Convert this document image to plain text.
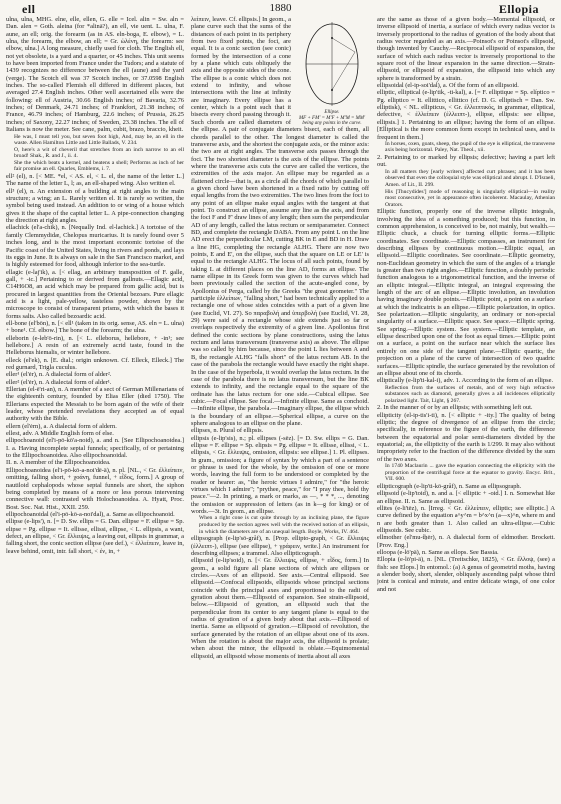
ell	1880	Ellopia

ulna, ulna, MHG. elne, elle, ellen, G. elle = Icel. alin = Sw. aln = Dan. alen = Goth. aleina (for *alinā?), an ell, vie uent. L. ulna, F. aune, an ell; orig. the forearm (as in AS. eln-boga, E. elbow), = L. ulna, the forearm, the elbow, an ell; = Gr. ὠλένη, the forearm: see elbow, ulna.] A long measure, chiefly used for cloth. The English ell, not yet obsolete, is a yard and a quarter, or 45 inches. This unit seems to have been imported from France under the Tudors; and a statute of 1439 recognizes no difference between the ell (aune) and the yard (verge). The Scotch ell was 37 Scotch inches, or 37.0598 English inches. The so-called Flemish ell differed in different places, but averaged 27.4 English inches. Other well ascertained ells were the following: ell of Austria, 30.66 English inches; of Bavaria, 32.76 inches; of Denmark, 24.71 inches; of Frankfort, 21.38 inches; of France, 46.79 inches; of Hamburg, 22.6 inches; of Prussia, 26.25 inches; of Saxony, 22.27 inches; of Sweden, 23.38 inches. The ell of Italians is now the meter. See cane, palm, cubit, brazo, braccio, kheit.

He was, I must tell you, but seven foot high, And, may be, an ell in the waste. Allen Hamilton Little and Little Ballads, V. 234.

O, here's a wit of cheveril that stretches from an inch narrow to an ell broad! Shak., R. and J., ii. 4.

She the which beats a kernel, and beatens a shell; Performs as inch of her fair promise an ell. Quarles, Emblems, i. 7.

ell² (el), n. [< ME. *el, < AS. el, < L. el, the name of the letter L.] The name of the letter L, l; as, an ell-shaped wing. Also written el.

ell³ (el), n. An extension of a building at right angles to the main structure; a wing; an L. Rarely written el. It is rarely so written, the symbol being used instead. An addition to or wing of a house which gives it the shape of the capital letter L. A pipe-connection changing the direction at right angles.

ellachick (el'a-chik), n. [Nequally Ind. el-lachick.] A tortoise of the family Clemmydidæ, Chelopus muricarius. It is rarely found over 5 inches long, and is the most important economic tortoise of the Pacific coast of the United States, living in rivers and ponds, and lays its eggs in June. It is always on sale in the San Francisco market, and is highly esteemed for food, although inferior to the sea-turtle.

ellagic (e-laj'ik), a. [< ellag, an arbitrary transposition of F. galle, gall, + -ic.] Pertaining to or derived from gallnuts.—Ellagic acid, C14H6O8, an acid which may be prepared from gallic acid, but is procured in largest quantities from the Oriental bezoars. Pure ellagic acid is a light, pale-yellow, tasteless powder, shown by the microscope to consist of transparent prisms, with which the bases it forms salts. Also called bezoardic acid.

ell-bone (el'bōn), n. [< ell¹ (taken in its orig. sense, AS. eln = L. ulna) + bone¹. Cf. elbow.] The bone of the forearm; the ulna.

elleborin (e-leb'ō-rin), n. [< L. elleborus, hellebore, + -in¹; see hellebore.] A resin of an extremely acrid taste, found in the Helleborus hiemalis, or winter hellebore.

elleck (el'ek), n. [E. dial.; origin unknown. Cf. Elleck, Elleck.] The red gurnard, Trigla cuculus.

eller¹ (el'ėr), n. A dialectal form of alder².

eller² (el'ėr), n. A dialectal form of alder¹.

Ellerian (el-ē'ri-an), n. A member of a sect of German Millenarians of the eighteenth century, founded by Elias Eller (died 1750). The Ellerians expected the Messiah to be born again of the wife of their leader, whose pretended revelations they accepted as of equal authority with the Bible.

ellern (el'ėrn), a. A dialectal form of aldern.

ellest, adv. A Middle English form of else.

ellipochoanoid (el'i-pō-kō'a-noid), a. and n. [See Ellipochoanoidea.] I. a. Having incomplete septal funnels; specifically, of or pertaining to the Ellipochoanoidea. Also ellipochoanoidal.

II. n. A member of the Ellipochoanoidea.

Ellipochoanoidea (el'i-pō-kō-a-noi'dē-ä), n. pl. [NL., < Gr. ἐλλείπειν, omitting, falling short, + χοάνη, funnel, + εἶδος, form.] A group of nautiloid cephalopods whose septal funnels are short, the siphon being completed by means of a more or less porous intervening connective wall: contrasted with Holochoanoidea. A. Hyatt, Proc. Bost. Soc. Nat. Hist., XXII. 259.

ellipochoanoidal (el'i-pō-kō-a-noi'dal), a. Same as ellipochoanoid.

ellipse (e-lips'), n. [= D. Sw. ellips = G. Dan. ellipse = F. ellipse = Sp. elipse = Pg. ellipse = It. ellisse, ellissi, ellipse, < L. ellipsis, a want, defect, an ellipse, < Gr. ἔλλειψις, a leaving out, ellipsis in grammar, a falling short, the conic section ellipse (see def.), < ἐλλείπειν, leave in, leave behind, omit, intr. fall short, < ἐν, in, +

Ellipse.
MF + FM' = M'F + M'M = MM' being any points in the curve.

λείπειν, leave. Cf. ellipsis.] In geom., a plane curve such that the sums of the distances of each point in its periphery from two fixed points, the foci, are equal. It is a conic section (see conic) formed by the intersection of a cone by a plane which cuts obliquely the axis and the opposite sides of the cone. The ellipse is a conic which does not extend to infinity, and whose intersections with the line at infinity are imaginary. Every ellipse has a center, which is a point such that it bisects every chord passing through it. Such chords are called diameters of the ellipse. A pair of conjugate diameters bisect, each of them, all chords parallel to the other. The longest diameter is called the transverse axis, and the shortest the conjugate axis, or the minor axis: the two are at right angles. The transverse axis passes through the foci. The two shortest diameter is the axis of the ellipse. The points where the transverse axis cuts the curve are called the vertices, the extremities of the axis major. An ellipse may be regarded as a flattened circle—that is, as a circle all the chords of which parallel to a given chord have been shortened in a fixed ratio by cutting off equal lengths from the two extremities. The two lines from the foci to any point of an ellipse make equal angles with the tangent at that point. To construct an ellipse, assume any line as the axis, and from the foci F and F' draw lines of any length; then sum the perpendicular AD of any length, called the latus rectum or semiparameter. Connect BD, and complete the rectangle DABA. From any point L on the line AD erect the perpendicular LM, cutting BK in E and BD in H. Draw a line HG, completing the rectangle ALHG. There are now two points, E and E', on the ellipse, such that the square on LE or LE' is equal to the rectangle ALHG. The locus of all such points, found by taking L at different places on the line AD, forms an ellipse. The name ellipse in its Greek form was given to the curves which had been previously called the section of the acute-angled cone, by Apollonius of Perga, called by the Greeks "the great geometer." The participle ἐλλείπων, "falling short," had been technically applied to a rectangle one of whose sides coincides with a part of a given line (see Euclid, VI. 27). So παραβολή and ὑπερβολή (see Euclid, VI. 28, 29) were said of a rectangle whose side extends just so far or overlaps respectively the extremity of a given line. Apollonius first defined the conic sections by plane constructions, using the latus rectum and latus transversum (transverse axis) as above. The ellipse was so called by him because, since the point L lies between A and B, the rectangle ALHG "falls short" of the latus rectum AB. In the case of the parabola the rectangle would have exactly the right shape. In the case of the hyperbola, it would overlap the latus rectum. In the case of the parabola there is no latus transversum, but the line BK extends to infinity, and the rectangle equal to the square of the ordinate has the latus rectum for one side.—Cubical ellipse. See cubic.—Focal ellipse. See focal.—Infinite ellipse. Same as conchoid.—Infinite ellipse, the parabola.—Imaginary ellipse, the ellipse which is the boundary of an ellipse.—Spherical ellipse, a curve on the sphere analogous to an ellipse on the plane.

ellipses, n. Plural of ellipsis.

ellipsis (e-lip'sis), n.; pl. ellipses (-sēz). [= D. Sw. ellips = G. Dan. ellipse = F. ellipse = Sp. elipsis = Pg. ellipse = It. ellisse, ellissi, < L. ellipsis, < Gr. ἔλλειψις, omission, ellipsis: see ellipse.] 1. Pl. ellipses. In gram., omission; a figure of syntax by which a part of a sentence or phrase is used for the whole, by the omission of one or more words, leaving the full form to be understood or completed by the reader or hearer: as, "the heroic virtues I admire," for "the heroic virtues which I admire"; "prythee, peace," for "I pray thee, hold thy peace."—2. In printing, a mark or marks, as —, * * *, ..., denoting the omission or suppression of letters (as in k—g for king) or of words.—3t. In geom., an ellipse.

When a right cone is cut quite through by an inclining plane, the figure produced by the section agrees well with the received notion of an ellipsis, in which the diameters are of an unequal length. Boyle, Works, IV. 464.

ellipsograph (e-lip'sō-gråf), n. [Prop. ellipto-graph, < Gr. ἔλλειψις (ἐλλειπτ-), ellipse (see ellipse), + γράφειν, write.] An instrument for describing ellipses; a trammel. Also ellipticograph.

ellipsoid (e-lip'soid), n. [< Gr. ἔλλειψις, ellipse, + εἶδος, form.] In geom., a solid figure all plane sections of which are ellipses or circles.—Axes of an ellipsoid. See axis.—Central ellipsoid. See ellipsoid.—Confocal ellipsoids, ellipsoids whose principal sections coincide with the principal axes and proportional to the radii of gyration about them.—Ellipsoid of expansion. See strain-ellipsoid, below.—Ellipsoid of gyration, an ellipsoid such that the perpendicular from its center to any tangent plane is equal to the radius of gyration of a given body about that axis.—Ellipsoid of inertia. Same as ellipsoid of gyration.—Ellipsoid of revolution, the surface generated by the rotation of an ellipse about one of its axes. When the rotation is about the major axis, the ellipsoid is prolate; when about the minor, the ellipsoid is oblate.—Equimomental ellipsoid, an ellipsoid whose moments of inertia about all axes

are the same as those of a given body.—Momental ellipsoid, or inverse ellipsoid of inertia, a surface of which every radius vector is inversely proportional to the radius of gyration of the body about that radius vector regarded as an axis.—Poinsot's or Poinsot's ellipsoid, though invented by Cauchy.—Reciprocal ellipsoid of expansion, the surface of which each radius vector is inversely proportional to the square root of the linear expansion in the same direction.—Strain-ellipsoid, or ellipsoid of expansion, the ellipsoid into which any sphere is transformed by a strain.

ellipsoidal (el-ip-soi'dal), a. Of the form of an ellipsoid.

elliptic, elliptical (e-lip'tik, -ti-kal), a. [= F. elliptique = Sp. elíptico = Pg. elliptico = It. ellittico, ellittico (cf. D. G. elliptisch = Dan. Sw. elliptisk), < NL. ellipticus, < Gr. ἐλλειπτικός, in grammar, elliptical, defective, < ἐλλείπειν (ἐλλειπτ-), ellipse, ellipsis: see ellipse, ellipsis.] 1. Pertaining to an ellipse; having the form of an ellipse. [Elliptical is the more common form except in technical uses, and is frequent in them.]

In horses, oxen, goats, sheep, the pupil of the eye is elliptical, the transverse axis being horizontal. Paley, Nat. Theol., xii.

2. Pertaining to or marked by ellipsis; defective; having a part left out.

In all matters they [early writers] affected curt phrases; and it has been observed that even the colloquial style was elliptical and abrupt. I. D'Israeli, Amen. of Lit., II. 299.

His [Thucydides'] mode of reasoning is singularly elliptical—in reality most consecutive, yet in appearance often incoherent. Macaulay, Athenian Orators.

Elliptic function, properly one of the inverse elliptic integrals, involving the idea of a something produced; but this function, in common apprehension, is conceived to be, not mainly, but wealth.—Elliptic chuck, a chuck for turning elliptic forms.—Elliptic coordinates. See coordinate.—Elliptic compasses, an instrument for describing ellipses by continuous motion.—Elliptic equal, an ellipsoid.—Elliptic coordinates. See coordinate.—Elliptic geometry, non-Euclidean geometry in which the sum of the angles of a triangle is greater than two right angles.—Elliptic function, a doubly periodic function analogous to a trigonometrical function, and the inverse of an elliptic integral.—Elliptic integral, an integral expressing the length of the arc of an ellipse.—Elliptic involution, an involution having imaginary double points.—Elliptic point, a point on a surface at which the indicatrix is an ellipse.—Elliptic polarization, in optics. See polarization.—Elliptic singularity, an ordinary or non-special singularity of a surface.—Elliptic space. See space.—Elliptic spring. See spring.—Elliptic system. See system.—Elliptic template, an ellipse described upon one of the foot as equal times.—Elliptic point on a surface, a point on the surface near which the surface lies entirely on one side of the tangent plane.—Elliptic quartic, the projection on a plane of the curve of intersection of two quadric surfaces.—Elliptic spindle, the surface generated by the revolution of an ellipse about one of its chords.

elliptically (e-lip'ti-kal-i), adv. 1. According to the form of an ellipse.

Reflection from the surfaces of metals, and of very high refractive substances such as diamond, generally gives a all incidences elliptically polarized light. Tait, Light, § 267.

2. In the manner of or by an ellipsis; with something left out.

ellipticity (el-ip-tis'i-ti), n. [< elliptic + -ity.] The quality of being elliptic; the degree of divergence of an ellipse from the circle; specifically, in reference to the figure of the earth, the difference between the equatorial and polar semi-diameters divided by the equatorial; as, the ellipticity of the earth is 1/299. It may also without impropriety refer to the fraction of the difference divided by the sum of the two axes.

In 1740 Maclaurin ... gave the equation connecting the ellipticity with the proportion of the centrifugal force at the equator to gravity. Encyc. Brit., VII. 600.

ellipticograph (e-lip'ti-kō-gråf), n. Same as ellipsograph.

ellipsoid (e-lip'toid), n. and a. [< elliptic + -oid.] I. n. Somewhat like an ellipse. II. n. Same as ellipsoid.

ellites (e-li'tēz), n. [Irreg. < Gr. ἐλλείπειν, elliptic; see elliptic.] A curve defined by the equation a^y^m = b^x^n (a—x)^n, where m and n are both greater than 1. Also called an ultra-ellipse.—Cubic ellipsoids. See cubic.

ellmother (el'mu-ṫẖėr), n. A dialectal form of eldmother. Brockett. [Prov. Eng.]

elloopa (e-lō'pä), n. Same as ellops. See Bassia.

Ellopia (e-lō'pi-ä), n. [NL. (Treitschke, 1825), < Gr. ἔλλοψ, (see) a fish: see Elops.] In entomol.: (a) A genus of geometrid moths, having a slender body, short, slender, obliquely ascending palpi whose third joint is conical and minute, and entire delicate wings, of one color and not
